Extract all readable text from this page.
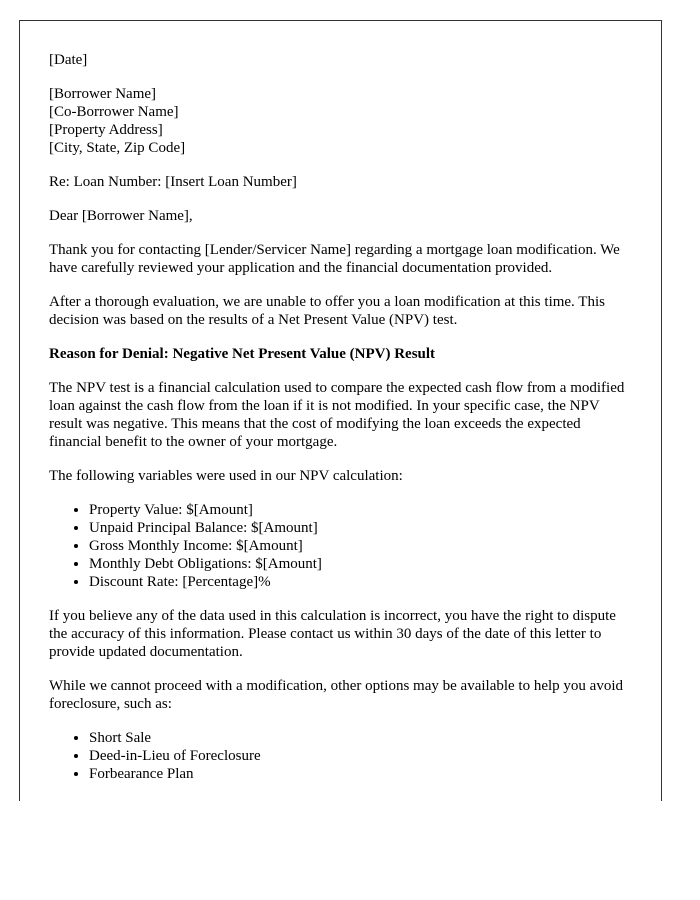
[Date]

[Borrower Name]

[Co-Borrower Name]

[Property Address]

[City, State, Zip Code]

Re: Loan Number: [Insert Loan Number]

Dear [Borrower Name],

Thank you for contacting [Lender/Servicer Name] regarding a mortgage loan modification. We have carefully reviewed your application and the financial documentation provided.

After a thorough evaluation, we are unable to offer you a loan modification at this time. This decision was based on the results of a Net Present Value (NPV) test.

Reason for Denial: Negative Net Present Value (NPV) Result

The NPV test is a financial calculation used to compare the expected cash flow from a modified loan against the cash flow from the loan if it is not modified. In your specific case, the NPV result was negative. This means that the cost of modifying the loan exceeds the expected financial benefit to the owner of your mortgage.

The following variables were used in our NPV calculation:

• Property Value: $[Amount]
• Unpaid Principal Balance: $[Amount]
• Gross Monthly Income: $[Amount]
• Monthly Debt Obligations: $[Amount]
• Discount Rate: [Percentage]%

If you believe any of the data used in this calculation is incorrect, you have the right to dispute the accuracy of this information. Please contact us within 30 days of the date of this letter to provide updated documentation.

While we cannot proceed with a modification, other options may be available to help you avoid foreclosure, such as:

• Short Sale
• Deed-in-Lieu of Foreclosure
• Forbearance Plan
